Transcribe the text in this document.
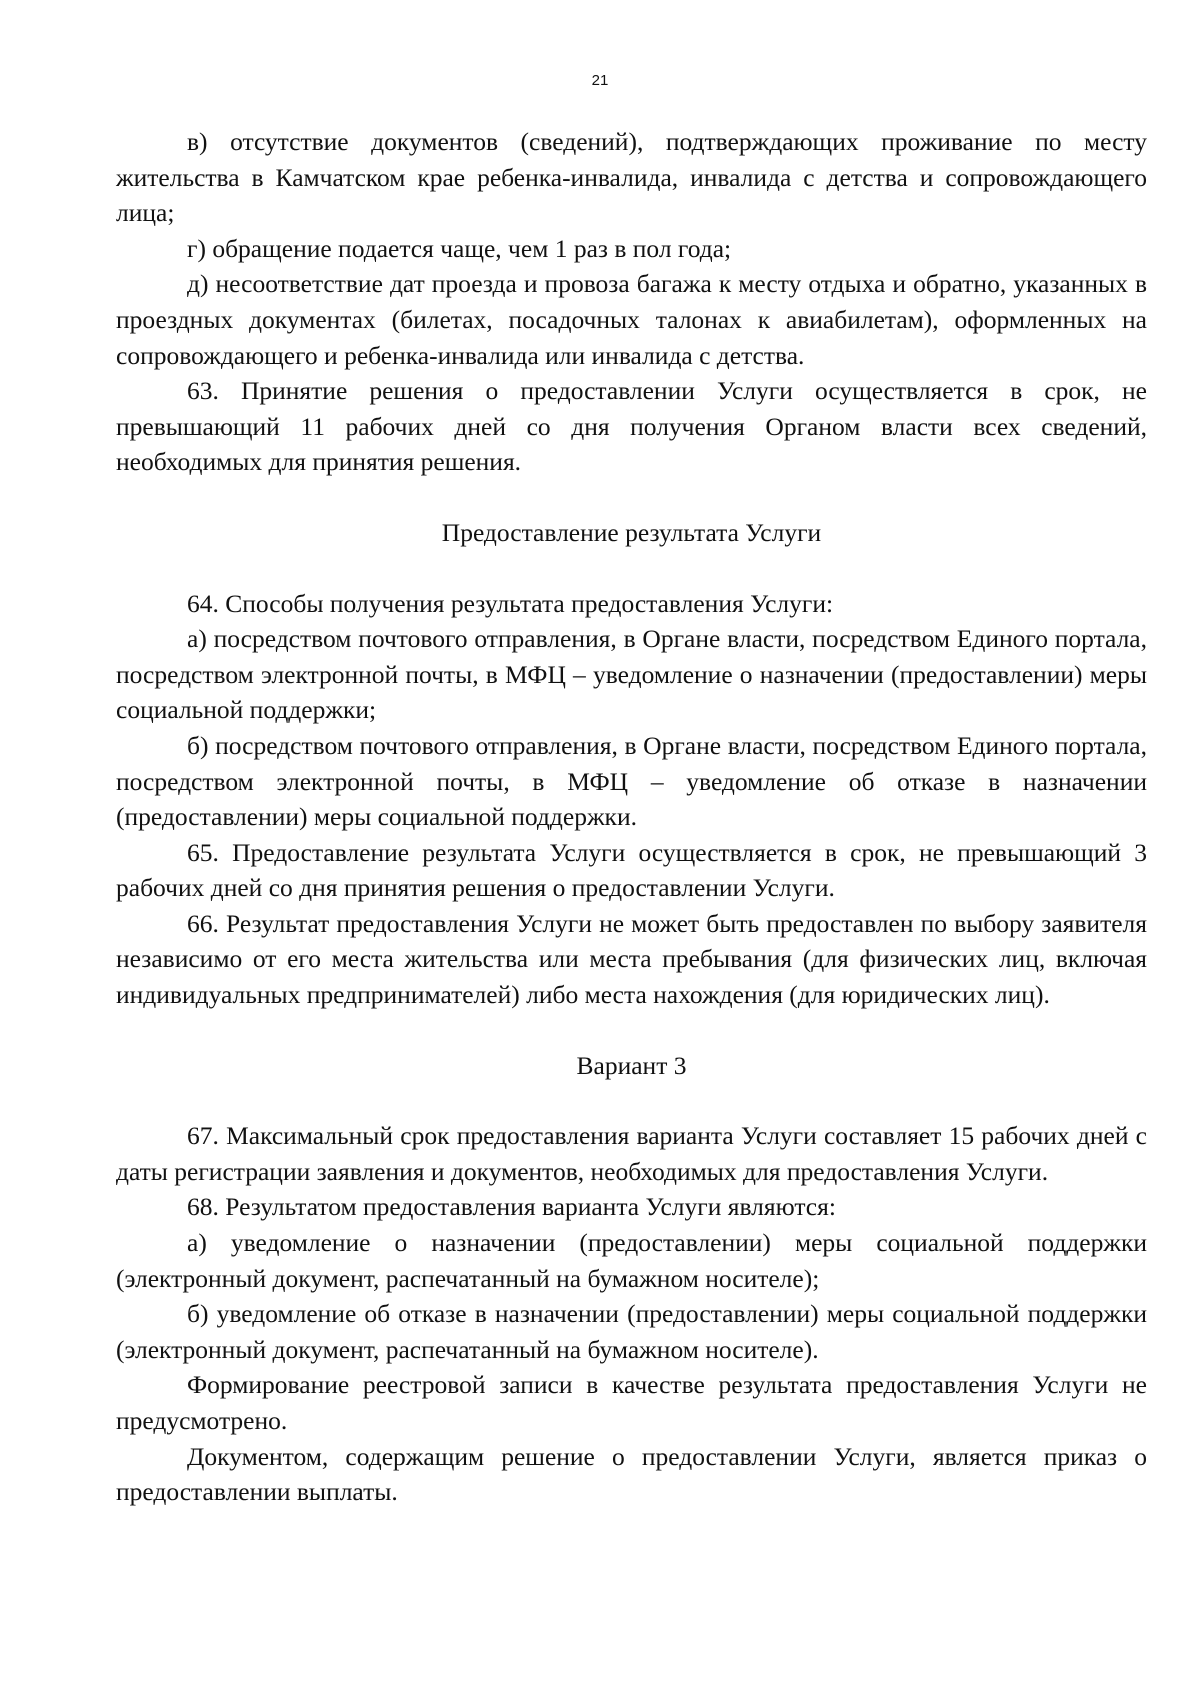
21

в) отсутствие документов (сведений), подтверждающих проживание по месту жительства в Камчатском крае ребенка-инвалида, инвалида с детства и сопровождающего лица;

г) обращение подается чаще, чем 1 раз в пол года;

д) несоответствие дат проезда и провоза багажа к месту отдыха и обратно, указанных в проездных документах (билетах, посадочных талонах к авиабилетам), оформленных на сопровождающего и ребенка-инвалида или инвалида с детства.

63. Принятие решения о предоставлении Услуги осуществляется в срок, не превышающий 11 рабочих дней со дня получения Органом власти всех сведений, необходимых для принятия решения.

Предоставление результата Услуги

64. Способы получения результата предоставления Услуги:

а) посредством почтового отправления, в Органе власти, посредством Единого портала, посредством электронной почты, в МФЦ – уведомление о назначении (предоставлении) меры социальной поддержки;

б) посредством почтового отправления, в Органе власти, посредством Единого портала, посредством электронной почты, в МФЦ – уведомление об отказе в назначении (предоставлении) меры социальной поддержки.

65. Предоставление результата Услуги осуществляется в срок, не превышающий 3 рабочих дней со дня принятия решения о предоставлении Услуги.

66. Результат предоставления Услуги не может быть предоставлен по выбору заявителя независимо от его места жительства или места пребывания (для физических лиц, включая индивидуальных предпринимателей) либо места нахождения (для юридических лиц).

Вариант 3

67. Максимальный срок предоставления варианта Услуги составляет 15 рабочих дней с даты регистрации заявления и документов, необходимых для предоставления Услуги.

68. Результатом предоставления варианта Услуги являются:

а) уведомление о назначении (предоставлении) меры социальной поддержки (электронный документ, распечатанный на бумажном носителе);

б) уведомление об отказе в назначении (предоставлении) меры социальной поддержки (электронный документ, распечатанный на бумажном носителе).

Формирование реестровой записи в качестве результата предоставления Услуги не предусмотрено.

Документом, содержащим решение о предоставлении Услуги, является приказ о предоставлении выплаты.
